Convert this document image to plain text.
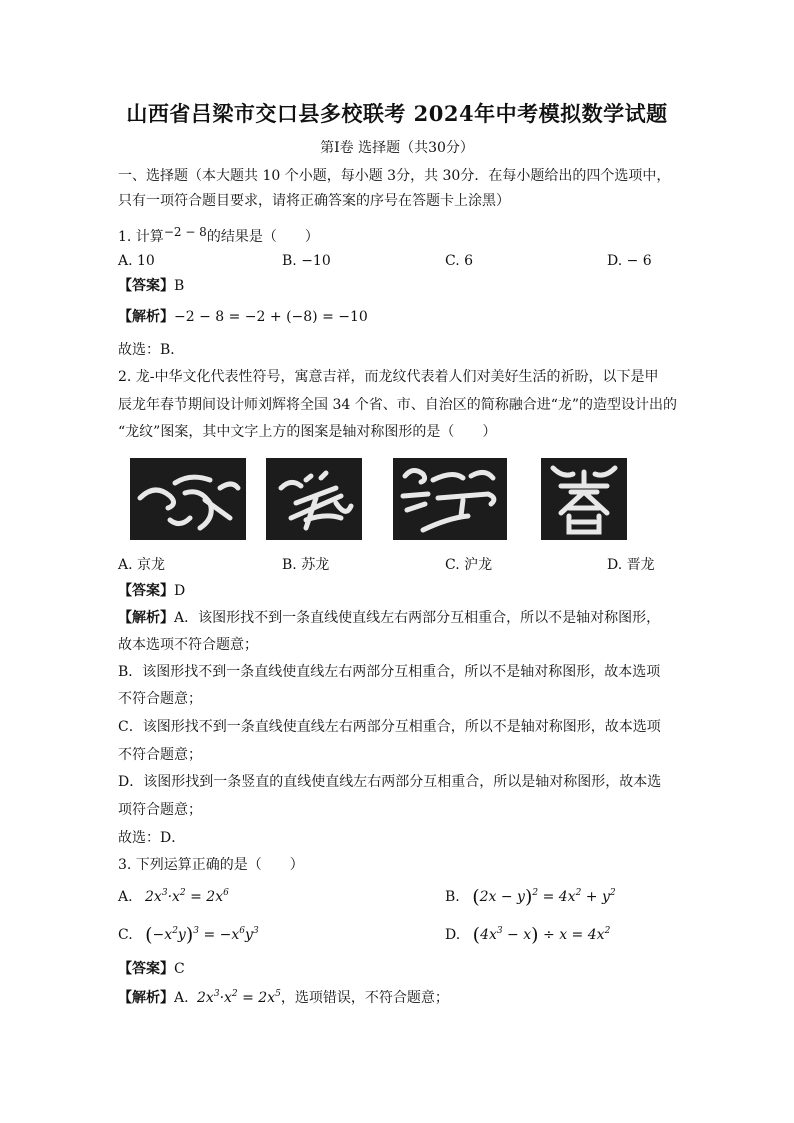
山西省吕梁市交口县多校联考 2024年中考模拟数学试题
第Ⅰ卷 选择题（共30分）
一、选择题（本大题共 10 个小题，每小题 3分，共 30分．在每小题给出的四个选项中，
只有一项符合题目要求，请将正确答案的序号在答题卡上涂黑）
1. 计算−2 − 8的结果是（　　）
A. 10	B. −10	C. 6	D. − 6
【答案】B
【解析】−2 − 8 = −2 + (−8) = −10
故选：B．
2. 龙-中华文化代表性符号，寓意吉祥，而龙纹代表着人们对美好生活的祈盼，以下是甲
辰龙年春节期间设计师刘辉将全国 34 个省、市、自治区的简称融合进“龙”的造型设计出的
“龙纹”图案，其中文字上方的图案是轴对称图形的是（　　）
A. 京龙	B. 苏龙	C. 沪龙	D. 晋龙
【答案】D
【解析】A．该图形找不到一条直线使直线左右两部分互相重合，所以不是轴对称图形，
故本选项不符合题意；
B．该图形找不到一条直线使直线左右两部分互相重合，所以不是轴对称图形，故本选项
不符合题意；
C．该图形找不到一条直线使直线左右两部分互相重合，所以不是轴对称图形，故本选项
不符合题意；
D．该图形找到一条竖直的直线使直线左右两部分互相重合，所以是轴对称图形，故本选
项符合题意；
故选：D．
3. 下列运算正确的是（　　）
A. $2x^3\cdot x^2 = 2x^6$	B. $(2x - y)^2 = 4x^2 + y^2$
C. $(-x^2y)^3 = -x^6y^3$	D. $(4x^3 - x) \div x = 4x^2$
【答案】C
【解析】A. $2x^3\cdot x^2 = 2x^5$，选项错误，不符合题意；
